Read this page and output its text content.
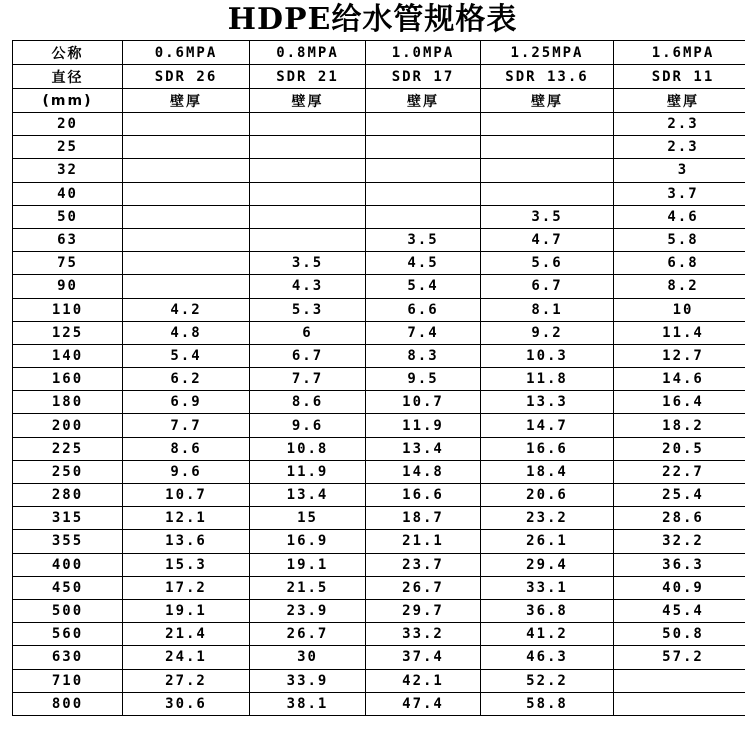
HDPE给水管规格表
公称	0.6MPA	0.8MPA	1.0MPA	1.25MPA	1.6MPA
直径	SDR 26	SDR 21	SDR 17	SDR 13.6	SDR 11
(mm)	壁厚	壁厚	壁厚	壁厚	壁厚
20					2.3
25					2.3
32					3
40					3.7
50				3.5	4.6
63			3.5	4.7	5.8
75		3.5	4.5	5.6	6.8
90		4.3	5.4	6.7	8.2
110	4.2	5.3	6.6	8.1	10
125	4.8	6	7.4	9.2	11.4
140	5.4	6.7	8.3	10.3	12.7
160	6.2	7.7	9.5	11.8	14.6
180	6.9	8.6	10.7	13.3	16.4
200	7.7	9.6	11.9	14.7	18.2
225	8.6	10.8	13.4	16.6	20.5
250	9.6	11.9	14.8	18.4	22.7
280	10.7	13.4	16.6	20.6	25.4
315	12.1	15	18.7	23.2	28.6
355	13.6	16.9	21.1	26.1	32.2
400	15.3	19.1	23.7	29.4	36.3
450	17.2	21.5	26.7	33.1	40.9
500	19.1	23.9	29.7	36.8	45.4
560	21.4	26.7	33.2	41.2	50.8
630	24.1	30	37.4	46.3	57.2
710	27.2	33.9	42.1	52.2	
800	30.6	38.1	47.4	58.8	
